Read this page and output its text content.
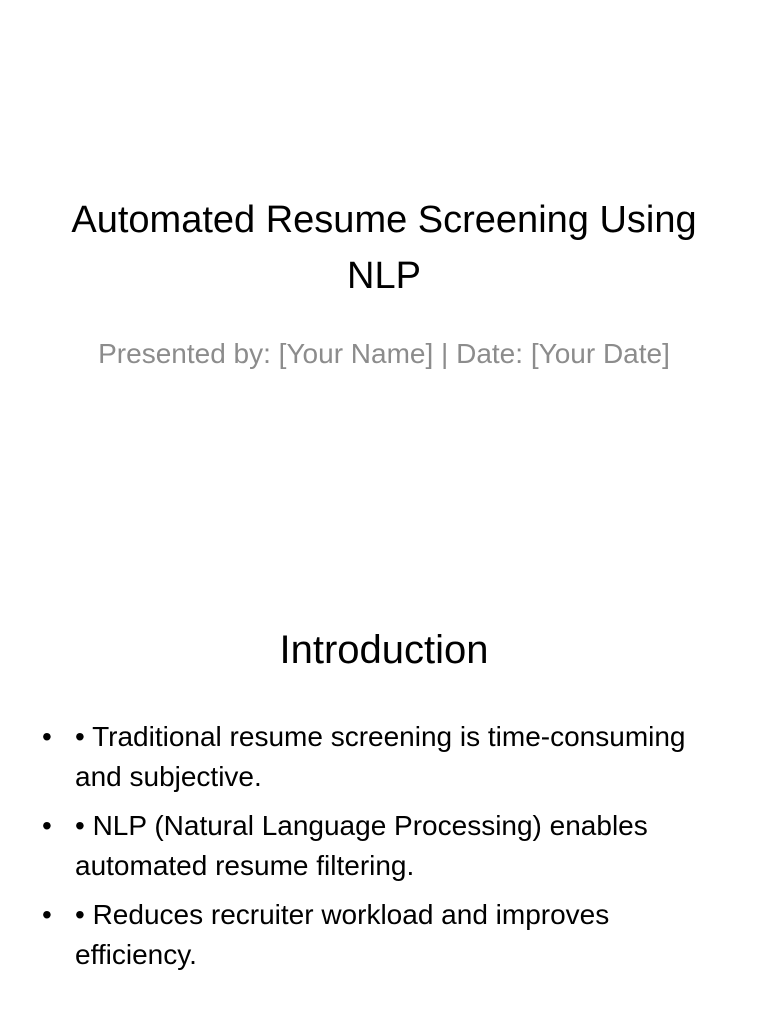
Automated Resume Screening Using NLP

Presented by: [Your Name] | Date: [Your Date]

Introduction
• • Traditional resume screening is time-consuming and subjective.
• • NLP (Natural Language Processing) enables automated resume filtering.
• • Reduces recruiter workload and improves efficiency.
